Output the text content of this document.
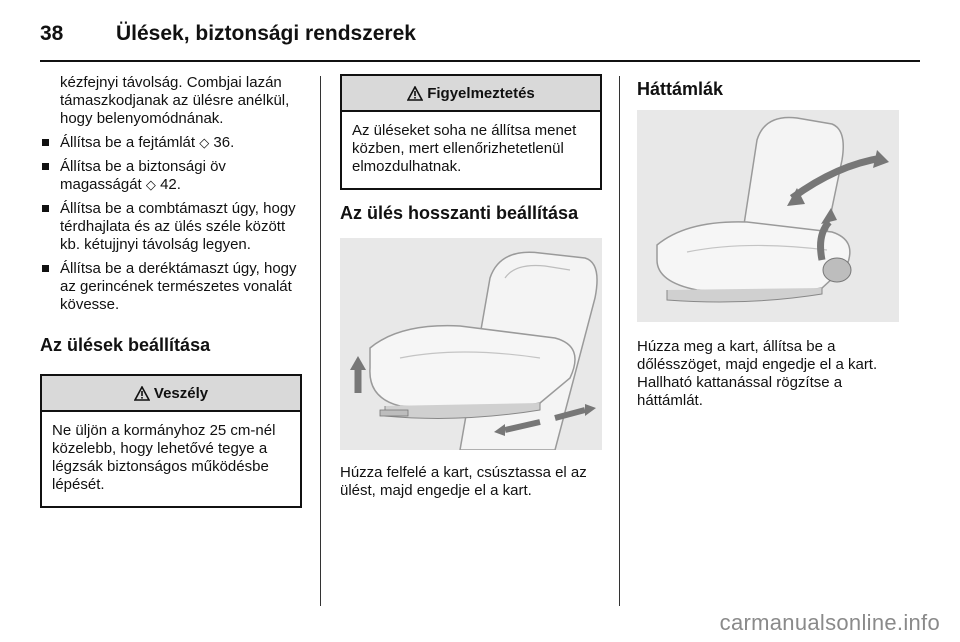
38	Ülések, biztonsági rendszerek

kézfejnyi távolság. Combjai lazán támaszkodjanak az ülésre anélkül, hogy belenyomódnának.

Állítsa be a fejtámlát ◇ 36.
Állítsa be a biztonsági öv magasságát ◇ 42.
Állítsa be a combtámaszt úgy, hogy térdhajlata és az ülés széle között kb. kétujjnyi távolság legyen.
Állítsa be a deréktámaszt úgy, hogy az gerincének természetes vonalát kövesse.
Az ülések beállítása
Veszély
Ne üljön a kormányhoz 25 cm-nél közelebb, hogy lehetővé tegye a légzsák biztonságos működésbe lépését.
Figyelmeztetés
Az üléseket soha ne állítsa menet közben, mert ellenőrizhetetlenül elmozdulhatnak.
Az ülés hosszanti beállítása

Húzza felfelé a kart, csúsztassa el az ülést, majd engedje el a kart.

Háttámlák

Húzza meg a kart, állítsa be a dőlésszöget, majd engedje el a kart. Hallható kattanással rögzítse a háttámlát.

carmanualsonline.info
